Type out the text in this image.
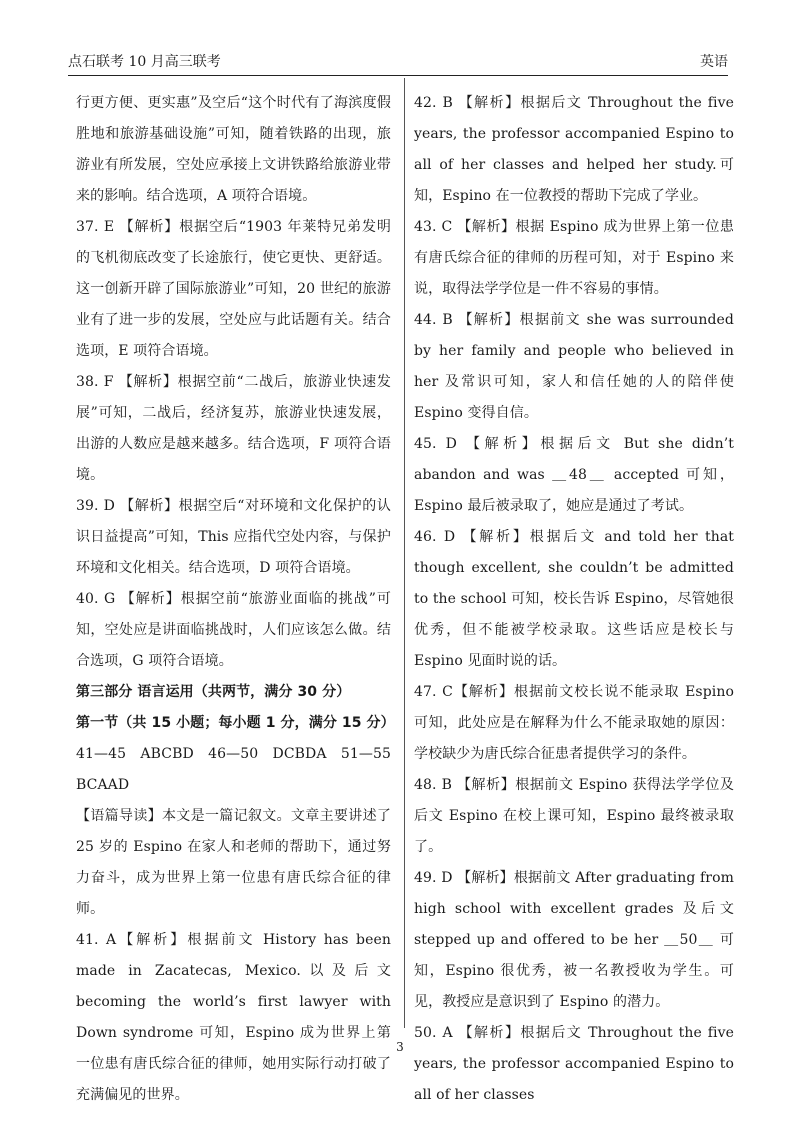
点石联考 10 月高三联考	英语

行更方便、更实惠”及空后“这个时代有了海滨度假胜地和旅游基础设施”可知，随着铁路的出现，旅游业有所发展，空处应承接上文讲铁路给旅游业带来的影响。结合选项，A 项符合语境。

37. E 【解析】根据空后“1903 年莱特兄弟发明的飞机彻底改变了长途旅行，使它更快、更舒适。这一创新开辟了国际旅游业”可知，20 世纪的旅游业有了进一步的发展，空处应与此话题有关。结合选项，E 项符合语境。

38. F 【解析】根据空前“二战后，旅游业快速发展”可知，二战后，经济复苏，旅游业快速发展，出游的人数应是越来越多。结合选项，F 项符合语境。

39. D 【解析】根据空后“对环境和文化保护的认识日益提高”可知，This 应指代空处内容，与保护环境和文化相关。结合选项，D 项符合语境。

40. G 【解析】根据空前“旅游业面临的挑战”可知，空处应是讲面临挑战时，人们应该怎么做。结合选项，G 项符合语境。

第三部分 语言运用（共两节，满分 30 分）

第一节（共 15 小题；每小题 1 分，满分 15 分）

41—45 ABCBD 46—50 DCBDA 51—55 BCAAD

【语篇导读】本文是一篇记叙文。文章主要讲述了 25 岁的 Espino 在家人和老师的帮助下，通过努力奋斗，成为世界上第一位患有唐氏综合征的律师。

41. A【解析】根据前文 History has been made in Zacatecas, Mexico.以及后文 becoming the world’s first lawyer with Down syndrome 可知，Espino 成为世界上第一位患有唐氏综合征的律师，她用实际行动打破了充满偏见的世界。

42. B 【解析】根据后文 Throughout the five years, the professor accompanied Espino to all of her classes and helped her study.可知，Espino 在一位教授的帮助下完成了学业。

43. C 【解析】根据 Espino 成为世界上第一位患有唐氏综合征的律师的历程可知，对于 Espino 来说，取得法学学位是一件不容易的事情。

44. B 【解析】根据前文 she was surrounded by her family and people who believed in her 及常识可知，家人和信任她的人的陪伴使 Espino 变得自信。

45. D 【解析】根据后文 But she didn’t abandon and was ＿48＿ accepted 可知，Espino 最后被录取了，她应是通过了考试。

46. D 【解析】根据后文 and told her that though excellent, she couldn’t be admitted to the school 可知，校长告诉 Espino，尽管她很优秀，但不能被学校录取。这些话应是校长与 Espino 见面时说的话。

47. C【解析】根据前文校长说不能录取 Espino 可知，此处应是在解释为什么不能录取她的原因：学校缺少为唐氏综合征患者提供学习的条件。

48. B 【解析】根据前文 Espino 获得法学学位及后文 Espino 在校上课可知，Espino 最终被录取了。

49. D 【解析】根据前文 After graduating from high school with excellent grades 及后文 stepped up and offered to be her ＿50＿ 可知，Espino 很优秀，被一名教授收为学生。可见，教授应是意识到了 Espino 的潜力。

50. A 【解析】根据后文 Throughout the five years, the professor accompanied Espino to all of her classes

3
